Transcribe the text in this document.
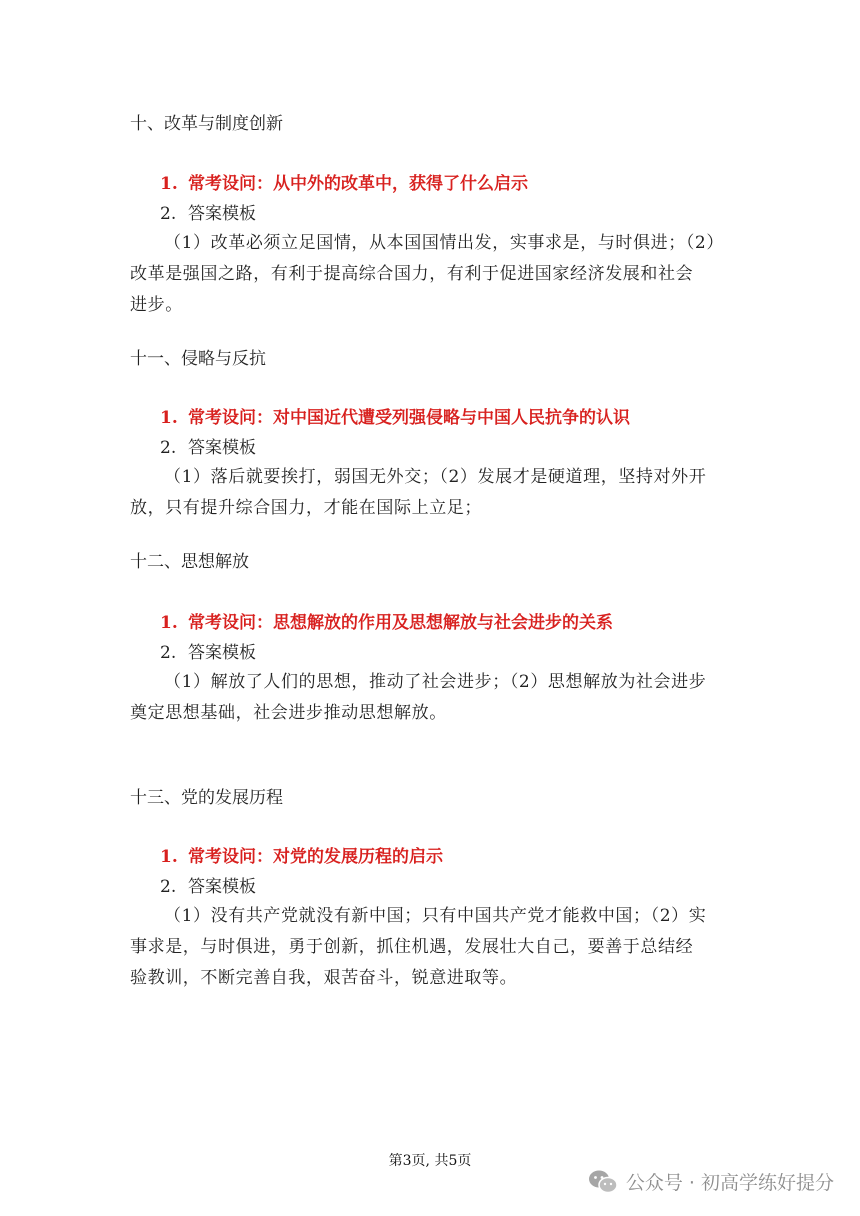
十、改革与制度创新
1. 常考设问：从中外的改革中，获得了什么启示
2. 答案模板
（1）改革必须立足国情，从本国国情出发，实事求是，与时俱进；（2）
改革是强国之路，有利于提高综合国力，有利于促进国家经济发展和社会
进步。
十一、侵略与反抗
1. 常考设问：对中国近代遭受列强侵略与中国人民抗争的认识
2. 答案模板
（1）落后就要挨打，弱国无外交；（2）发展才是硬道理，坚持对外开
放，只有提升综合国力，才能在国际上立足；
十二、思想解放
1. 常考设问：思想解放的作用及思想解放与社会进步的关系
2. 答案模板
（1）解放了人们的思想，推动了社会进步；（2）思想解放为社会进步
奠定思想基础，社会进步推动思想解放。
十三、党的发展历程
1. 常考设问：对党的发展历程的启示
2. 答案模板
（1）没有共产党就没有新中国；只有中国共产党才能救中国；（2）实
事求是，与时俱进，勇于创新，抓住机遇，发展壮大自己，要善于总结经
验教训，不断完善自我，艰苦奋斗，锐意进取等。
第3页, 共5页
公众号 · 初高学练好提分
